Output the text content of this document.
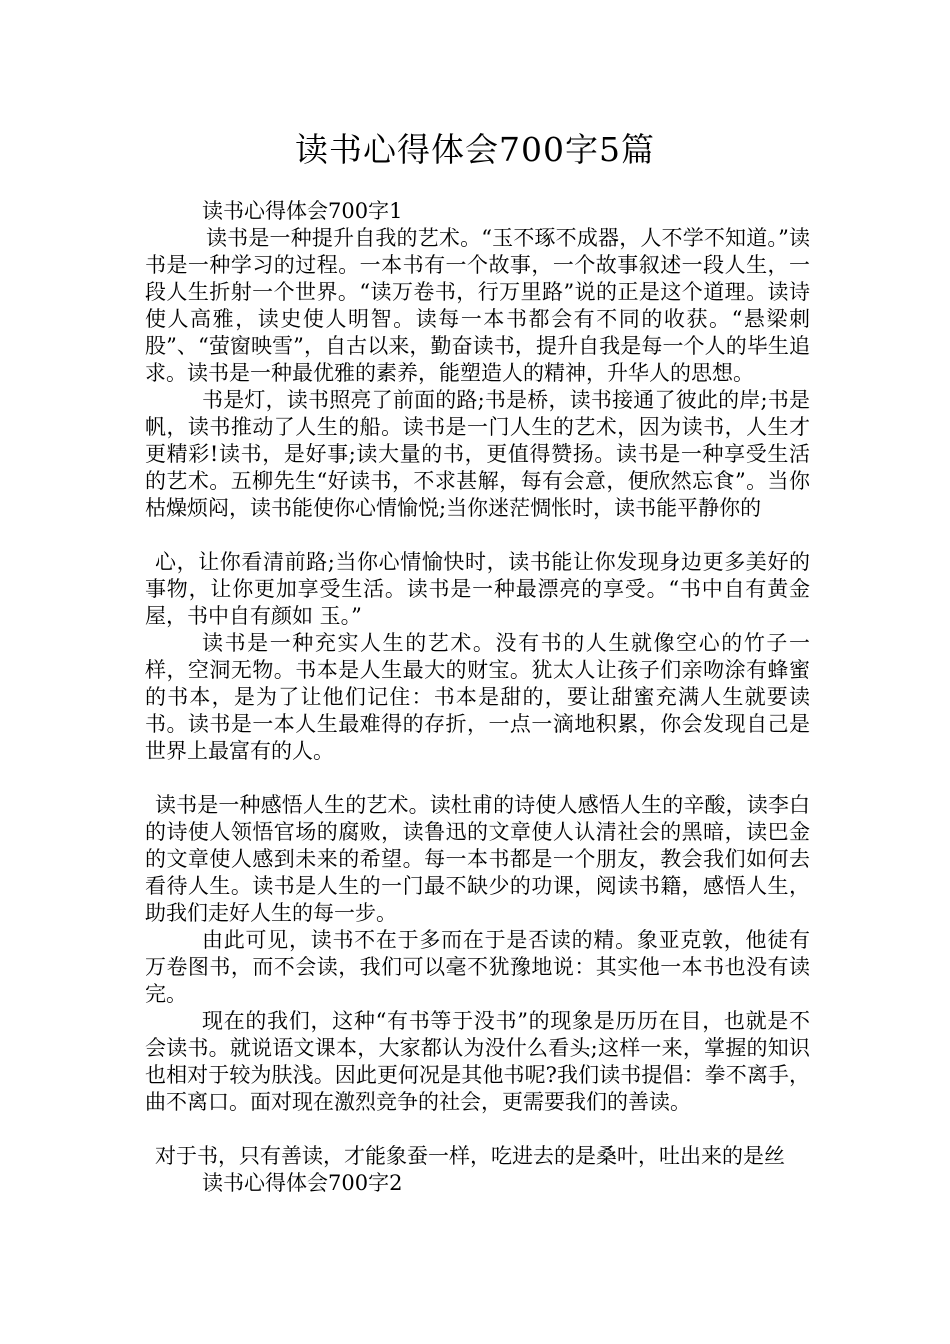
读书心得体会700字5篇

读书心得体会700字1

读书是一种提升自我的艺术。“玉不琢不成器，人不学不知道。”读书是一种学习的过程。一本书有一个故事，一个故事叙述一段人生，一段人生折射一个世界。“读万卷书，行万里路”说的正是这个道理。读诗使人高雅，读史使人明智。读每一本书都会有不同的收获。“悬梁刺股”、“萤窗映雪”，自古以来，勤奋读书，提升自我是每一个人的毕生追求。读书是一种最优雅的素养，能塑造人的精神，升华人的思想。

书是灯，读书照亮了前面的路;书是桥，读书接通了彼此的岸;书是帆，读书推动了人生的船。读书是一门人生的艺术，因为读书，人生才更精彩!读书，是好事;读大量的书，更值得赞扬。读书是一种享受生活的艺术。五柳先生“好读书，不求甚解，每有会意，便欣然忘食”。当你枯燥烦闷，读书能使你心情愉悦;当你迷茫惆怅时，读书能平静你的

心，让你看清前路;当你心情愉快时，读书能让你发现身边更多美好的事物，让你更加享受生活。读书是一种最漂亮的享受。“书中自有黄金屋，书中自有颜如 玉。”

读书是一种充实人生的艺术。没有书的人生就像空心的竹子一样，空洞无物。书本是人生最大的财宝。犹太人让孩子们亲吻涂有蜂蜜的书本，是为了让他们记住：书本是甜的，要让甜蜜充满人生就要读书。读书是一本人生最难得的存折，一点一滴地积累，你会发现自己是世界上最富有的人。

读书是一种感悟人生的艺术。读杜甫的诗使人感悟人生的辛酸，读李白的诗使人领悟官场的腐败，读鲁迅的文章使人认清社会的黑暗，读巴金的文章使人感到未来的希望。每一本书都是一个朋友，教会我们如何去看待人生。读书是人生的一门最不缺少的功课，阅读书籍，感悟人生，助我们走好人生的每一步。

由此可见，读书不在于多而在于是否读的精。象亚克敦，他徒有万卷图书，而不会读，我们可以毫不犹豫地说：其实他一本书也没有读完。

现在的我们，这种“有书等于没书”的现象是历历在目，也就是不会读书。就说语文课本，大家都认为没什么看头;这样一来，掌握的知识也相对于较为肤浅。因此更何况是其他书呢?我们读书提倡：拳不离手，曲不离口。面对现在激烈竞争的社会，更需要我们的善读。

对于书，只有善读，才能象蚕一样，吃进去的是桑叶，吐出来的是丝

读书心得体会700字2
